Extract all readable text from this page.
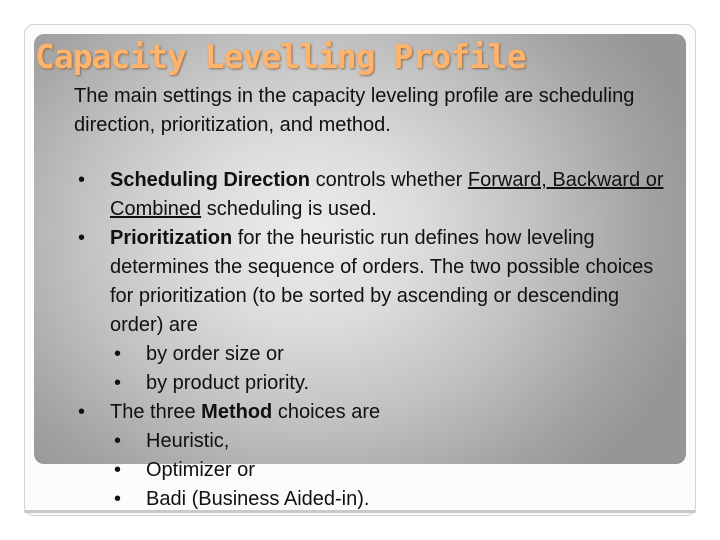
Capacity Levelling Profile

The main settings in the capacity leveling profile are scheduling direction, prioritization, and method.

• Scheduling Direction controls whether Forward, Backward or Combined scheduling is used.
• Prioritization for the heuristic run defines how leveling determines the sequence of orders. The two possible choices for prioritization (to be sorted by ascending or descending order) are
• by order size or
• by product priority.
• The three Method choices are
• Heuristic,
• Optimizer or
• Badi (Business Aided-in).
